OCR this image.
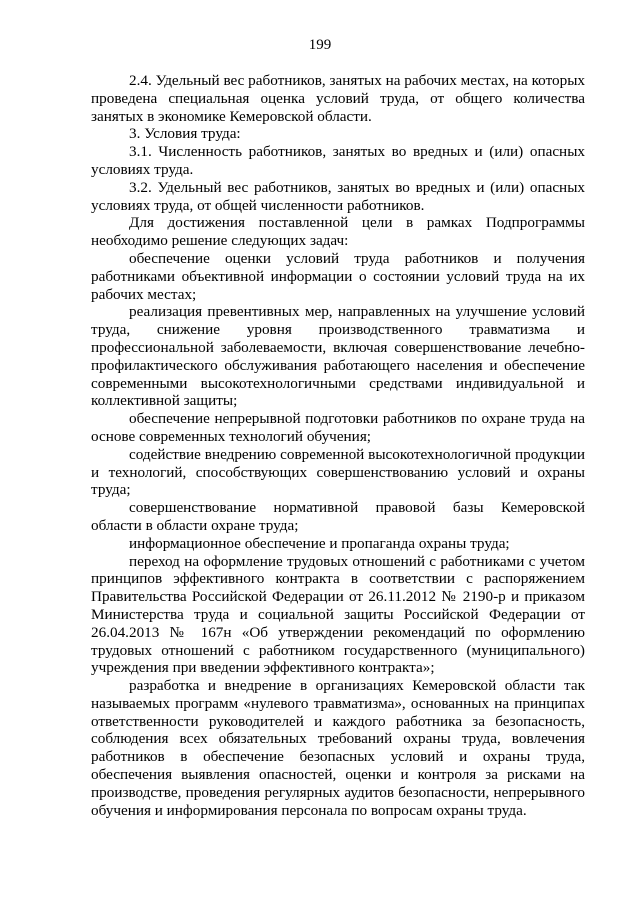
199

2.4. Удельный вес работников, занятых на рабочих местах, на которых проведена специальная оценка условий труда, от общего количества занятых в экономике Кемеровской области.

3. Условия труда:

3.1. Численность работников, занятых во вредных и (или) опасных условиях труда.

3.2. Удельный вес работников, занятых во вредных и (или) опасных условиях труда, от общей численности работников.

Для достижения поставленной цели в рамках Подпрограммы необходимо решение следующих задач:

обеспечение оценки условий труда работников и получения работниками объективной информации о состоянии условий труда на их рабочих местах;

реализация превентивных мер, направленных на улучшение условий труда, снижение уровня производственного травматизма и профессиональной заболеваемости, включая совершенствование лечебно-профилактического обслуживания работающего населения и обеспечение современными высокотехнологичными средствами индивидуальной и коллективной защиты;

обеспечение непрерывной подготовки работников по охране труда на основе современных технологий обучения;

содействие внедрению современной высокотехнологичной продукции и технологий, способствующих совершенствованию условий и охраны труда;

совершенствование нормативной правовой базы Кемеровской области в области охране труда;

информационное обеспечение и пропаганда охраны труда;

переход на оформление трудовых отношений с работниками с учетом принципов эффективного контракта в соответствии с распоряжением Правительства Российской Федерации от 26.11.2012 № 2190-р и приказом Министерства труда и социальной защиты Российской Федерации от 26.04.2013 № 167н «Об утверждении рекомендаций по оформлению трудовых отношений с работником государственного (муниципального) учреждения при введении эффективного контракта»;

разработка и внедрение в организациях Кемеровской области так называемых программ «нулевого травматизма», основанных на принципах ответственности руководителей и каждого работника за безопасность, соблюдения всех обязательных требований охраны труда, вовлечения работников в обеспечение безопасных условий и охраны труда, обеспечения выявления опасностей, оценки и контроля за рисками на производстве, проведения регулярных аудитов безопасности, непрерывного обучения и информирования персонала по вопросам охраны труда.
